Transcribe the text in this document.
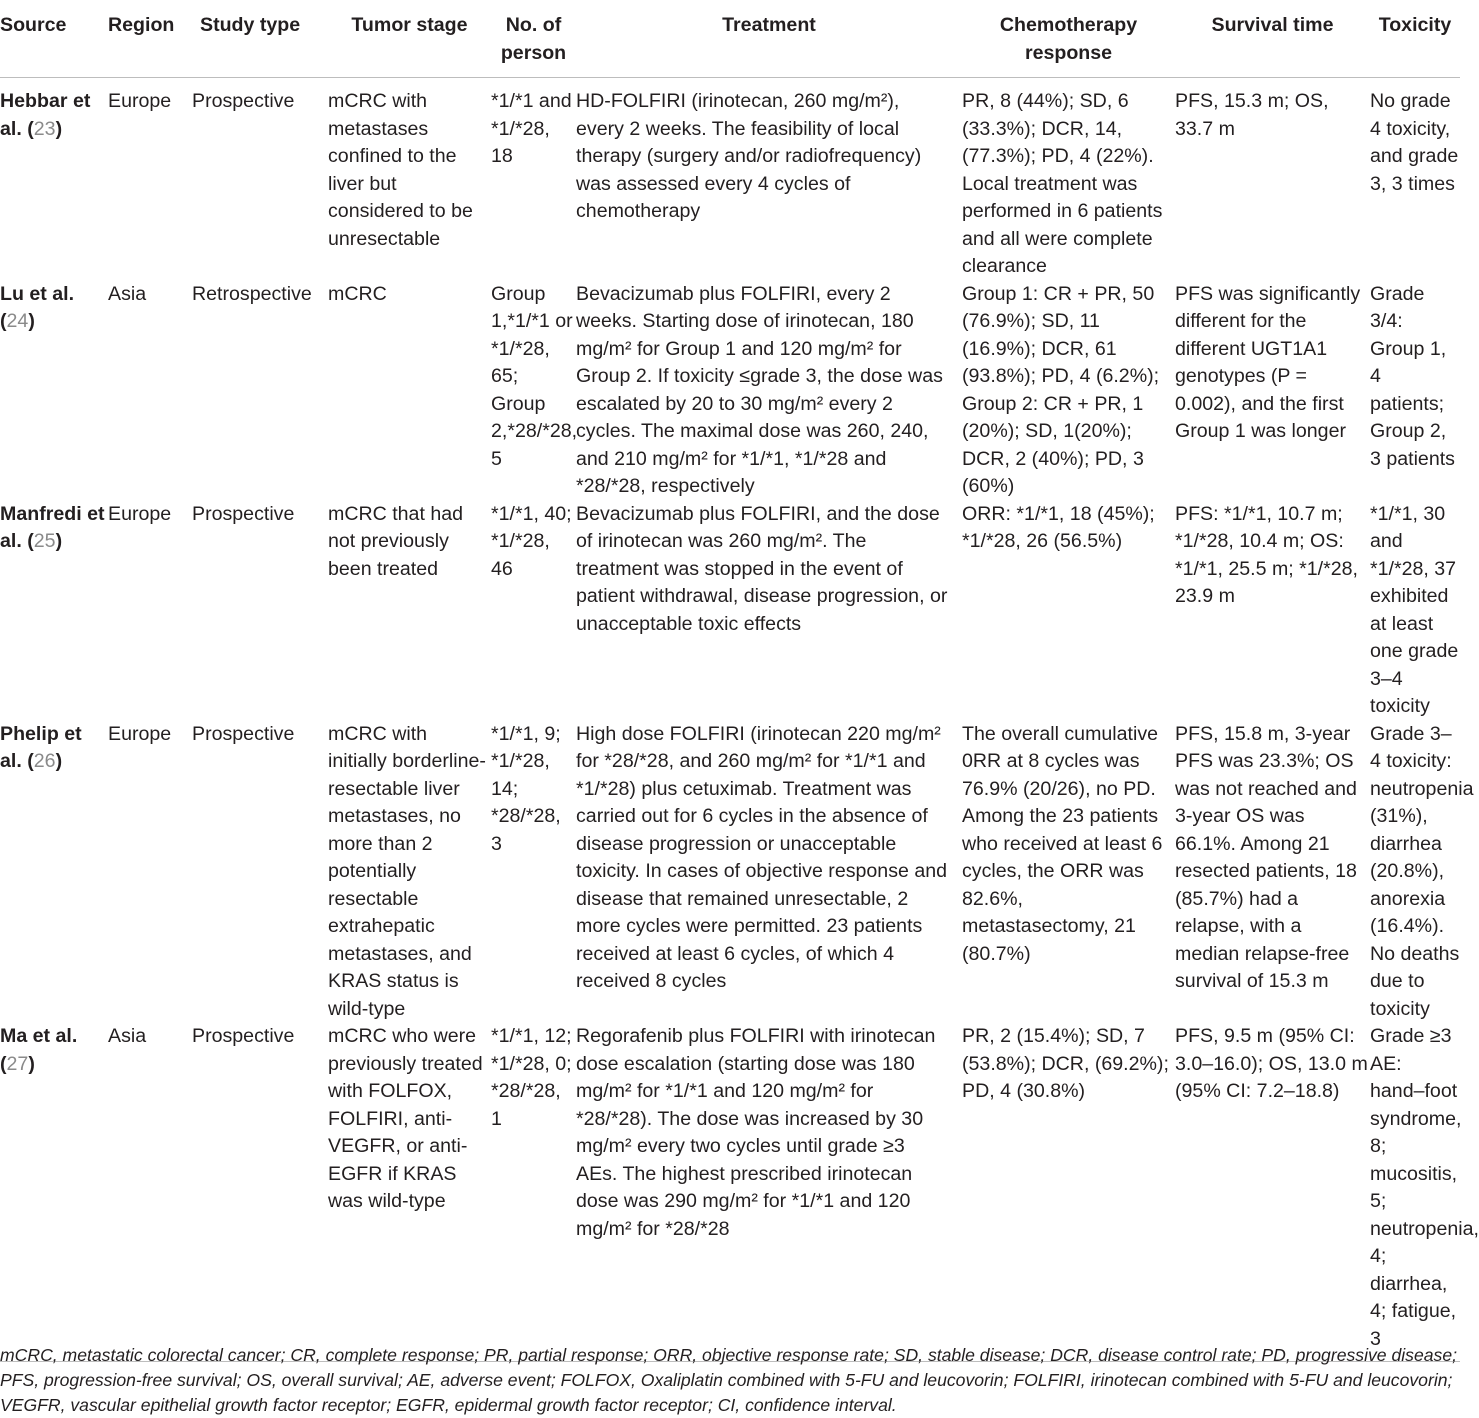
Source	Region	Study type	Tumor stage	No. of person	Treatment	Chemotherapy response	Survival time	Toxicity
Hebbar et al. (23)	Europe	Prospective	mCRC with metastases confined to the liver but considered to be unresectable	*1/*1 and *1/*28, 18	HD-FOLFIRI (irinotecan, 260 mg/m²), every 2 weeks. The feasibility of local therapy (surgery and/or radiofrequency) was assessed every 4 cycles of chemotherapy	PR, 8 (44%); SD, 6 (33.3%); DCR, 14, (77.3%); PD, 4 (22%). Local treatment was performed in 6 patients and all were complete clearance	PFS, 15.3 m; OS, 33.7 m	No grade 4 toxicity, and grade 3, 3 times
Lu et al. (24)	Asia	Retrospective	mCRC	Group 1,*1/*1 or *1/*28, 65; Group 2,*28/*28, 5	Bevacizumab plus FOLFIRI, every 2 weeks. Starting dose of irinotecan, 180 mg/m² for Group 1 and 120 mg/m² for Group 2. If toxicity ≤grade 3, the dose was escalated by 20 to 30 mg/m² every 2 cycles. The maximal dose was 260, 240, and 210 mg/m² for *1/*1, *1/*28 and *28/*28, respectively	Group 1: CR + PR, 50 (76.9%); SD, 11 (16.9%); DCR, 61 (93.8%); PD, 4 (6.2%); Group 2: CR + PR, 1 (20%); SD, 1(20%); DCR, 2 (40%); PD, 3 (60%)	PFS was significantly different for the different UGT1A1 genotypes (P = 0.002), and the first Group 1 was longer	Grade 3/4: Group 1, 4 patients; Group 2, 3 patients
Manfredi et al. (25)	Europe	Prospective	mCRC that had not previously been treated	*1/*1, 40; *1/*28, 46	Bevacizumab plus FOLFIRI, and the dose of irinotecan was 260 mg/m². The treatment was stopped in the event of patient withdrawal, disease progression, or unacceptable toxic effects	ORR: *1/*1, 18 (45%); *1/*28, 26 (56.5%)	PFS: *1/*1, 10.7 m; *1/*28, 10.4 m; OS: *1/*1, 25.5 m; *1/*28, 23.9 m	*1/*1, 30 and *1/*28, 37 exhibited at least one grade 3–4 toxicity
Phelip et al. (26)	Europe	Prospective	mCRC with initially borderline-resectable liver metastases, no more than 2 potentially resectable extrahepatic metastases, and KRAS status is wild-type	*1/*1, 9; *1/*28, 14; *28/*28, 3	High dose FOLFIRI (irinotecan 220 mg/m² for *28/*28, and 260 mg/m² for *1/*1 and *1/*28) plus cetuximab. Treatment was carried out for 6 cycles in the absence of disease progression or unacceptable toxicity. In cases of objective response and disease that remained unresectable, 2 more cycles were permitted. 23 patients received at least 6 cycles, of which 4 received 8 cycles	The overall cumulative 0RR at 8 cycles was 76.9% (20/26), no PD. Among the 23 patients who received at least 6 cycles, the ORR was 82.6%, metastasectomy, 21 (80.7%)	PFS, 15.8 m, 3-year PFS was 23.3%; OS was not reached and 3-year OS was 66.1%. Among 21 resected patients, 18 (85.7%) had a relapse, with a median relapse-free survival of 15.3 m	Grade 3–4 toxicity: neutropenia (31%), diarrhea (20.8%), anorexia (16.4%). No deaths due to toxicity
Ma et al. (27)	Asia	Prospective	mCRC who were previously treated with FOLFOX, FOLFIRI, anti-VEGFR, or anti-EGFR if KRAS was wild-type	*1/*1, 12; *1/*28, 0; *28/*28, 1	Regorafenib plus FOLFIRI with irinotecan dose escalation (starting dose was 180 mg/m² for *1/*1 and 120 mg/m² for *28/*28). The dose was increased by 30 mg/m² every two cycles until grade ≥3 AEs. The highest prescribed irinotecan dose was 290 mg/m² for *1/*1 and 120 mg/m² for *28/*28	PR, 2 (15.4%); SD, 7 (53.8%); DCR, (69.2%); PD, 4 (30.8%)	PFS, 9.5 m (95% CI: 3.0–16.0); OS, 13.0 m (95% CI: 7.2–18.8)	Grade ≥3 AE: hand–foot syndrome, 8; mucositis, 5; neutropenia, 4; diarrhea, 4; fatigue, 3
mCRC, metastatic colorectal cancer; CR, complete response; PR, partial response; ORR, objective response rate; SD, stable disease; DCR, disease control rate; PD, progressive disease; PFS, progression-free survival; OS, overall survival; AE, adverse event; FOLFOX, Oxaliplatin combined with 5-FU and leucovorin; FOLFIRI, irinotecan combined with 5-FU and leucovorin; VEGFR, vascular epithelial growth factor receptor; EGFR, epidermal growth factor receptor; CI, confidence interval.
